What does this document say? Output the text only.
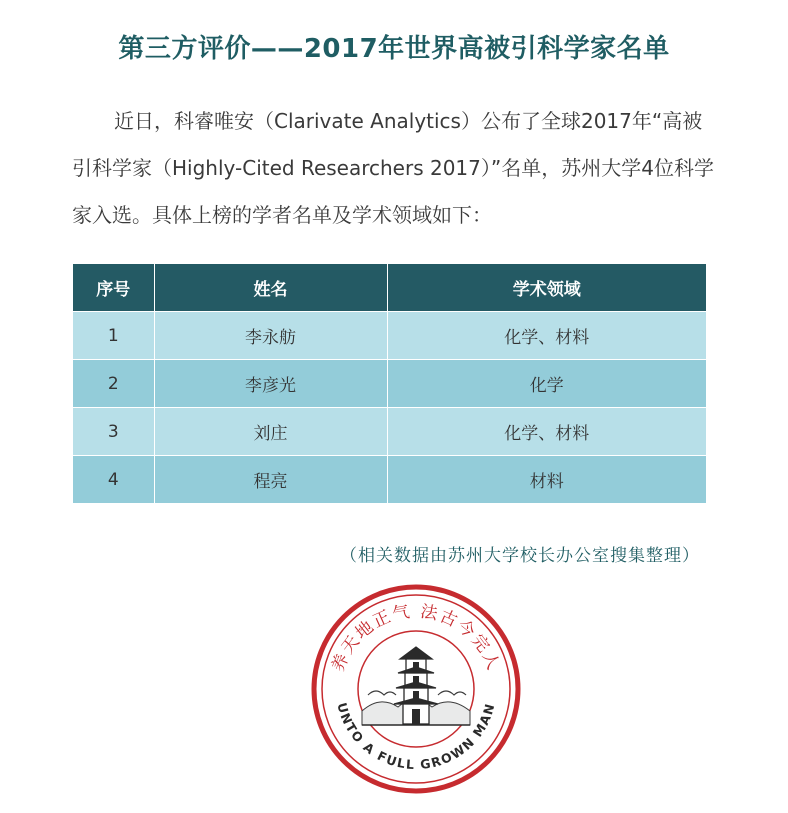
第三方评价——2017年世界高被引科学家名单

近日，科睿唯安（Clarivate Analytics）公布了全球2017年“高被引科学家（Highly-Cited Researchers 2017）”名单，苏州大学4位科学家入选。具体上榜的学者名单及学术领域如下：

序号	姓名	学术领域
1	李永舫	化学、材料
2	李彦光	化学
3	刘庄	化学、材料
4	程亮	材料
（相关数据由苏州大学校长办公室搜集整理）
养天地正气 法古今完人
UNTO A FULL GROWN MAN
